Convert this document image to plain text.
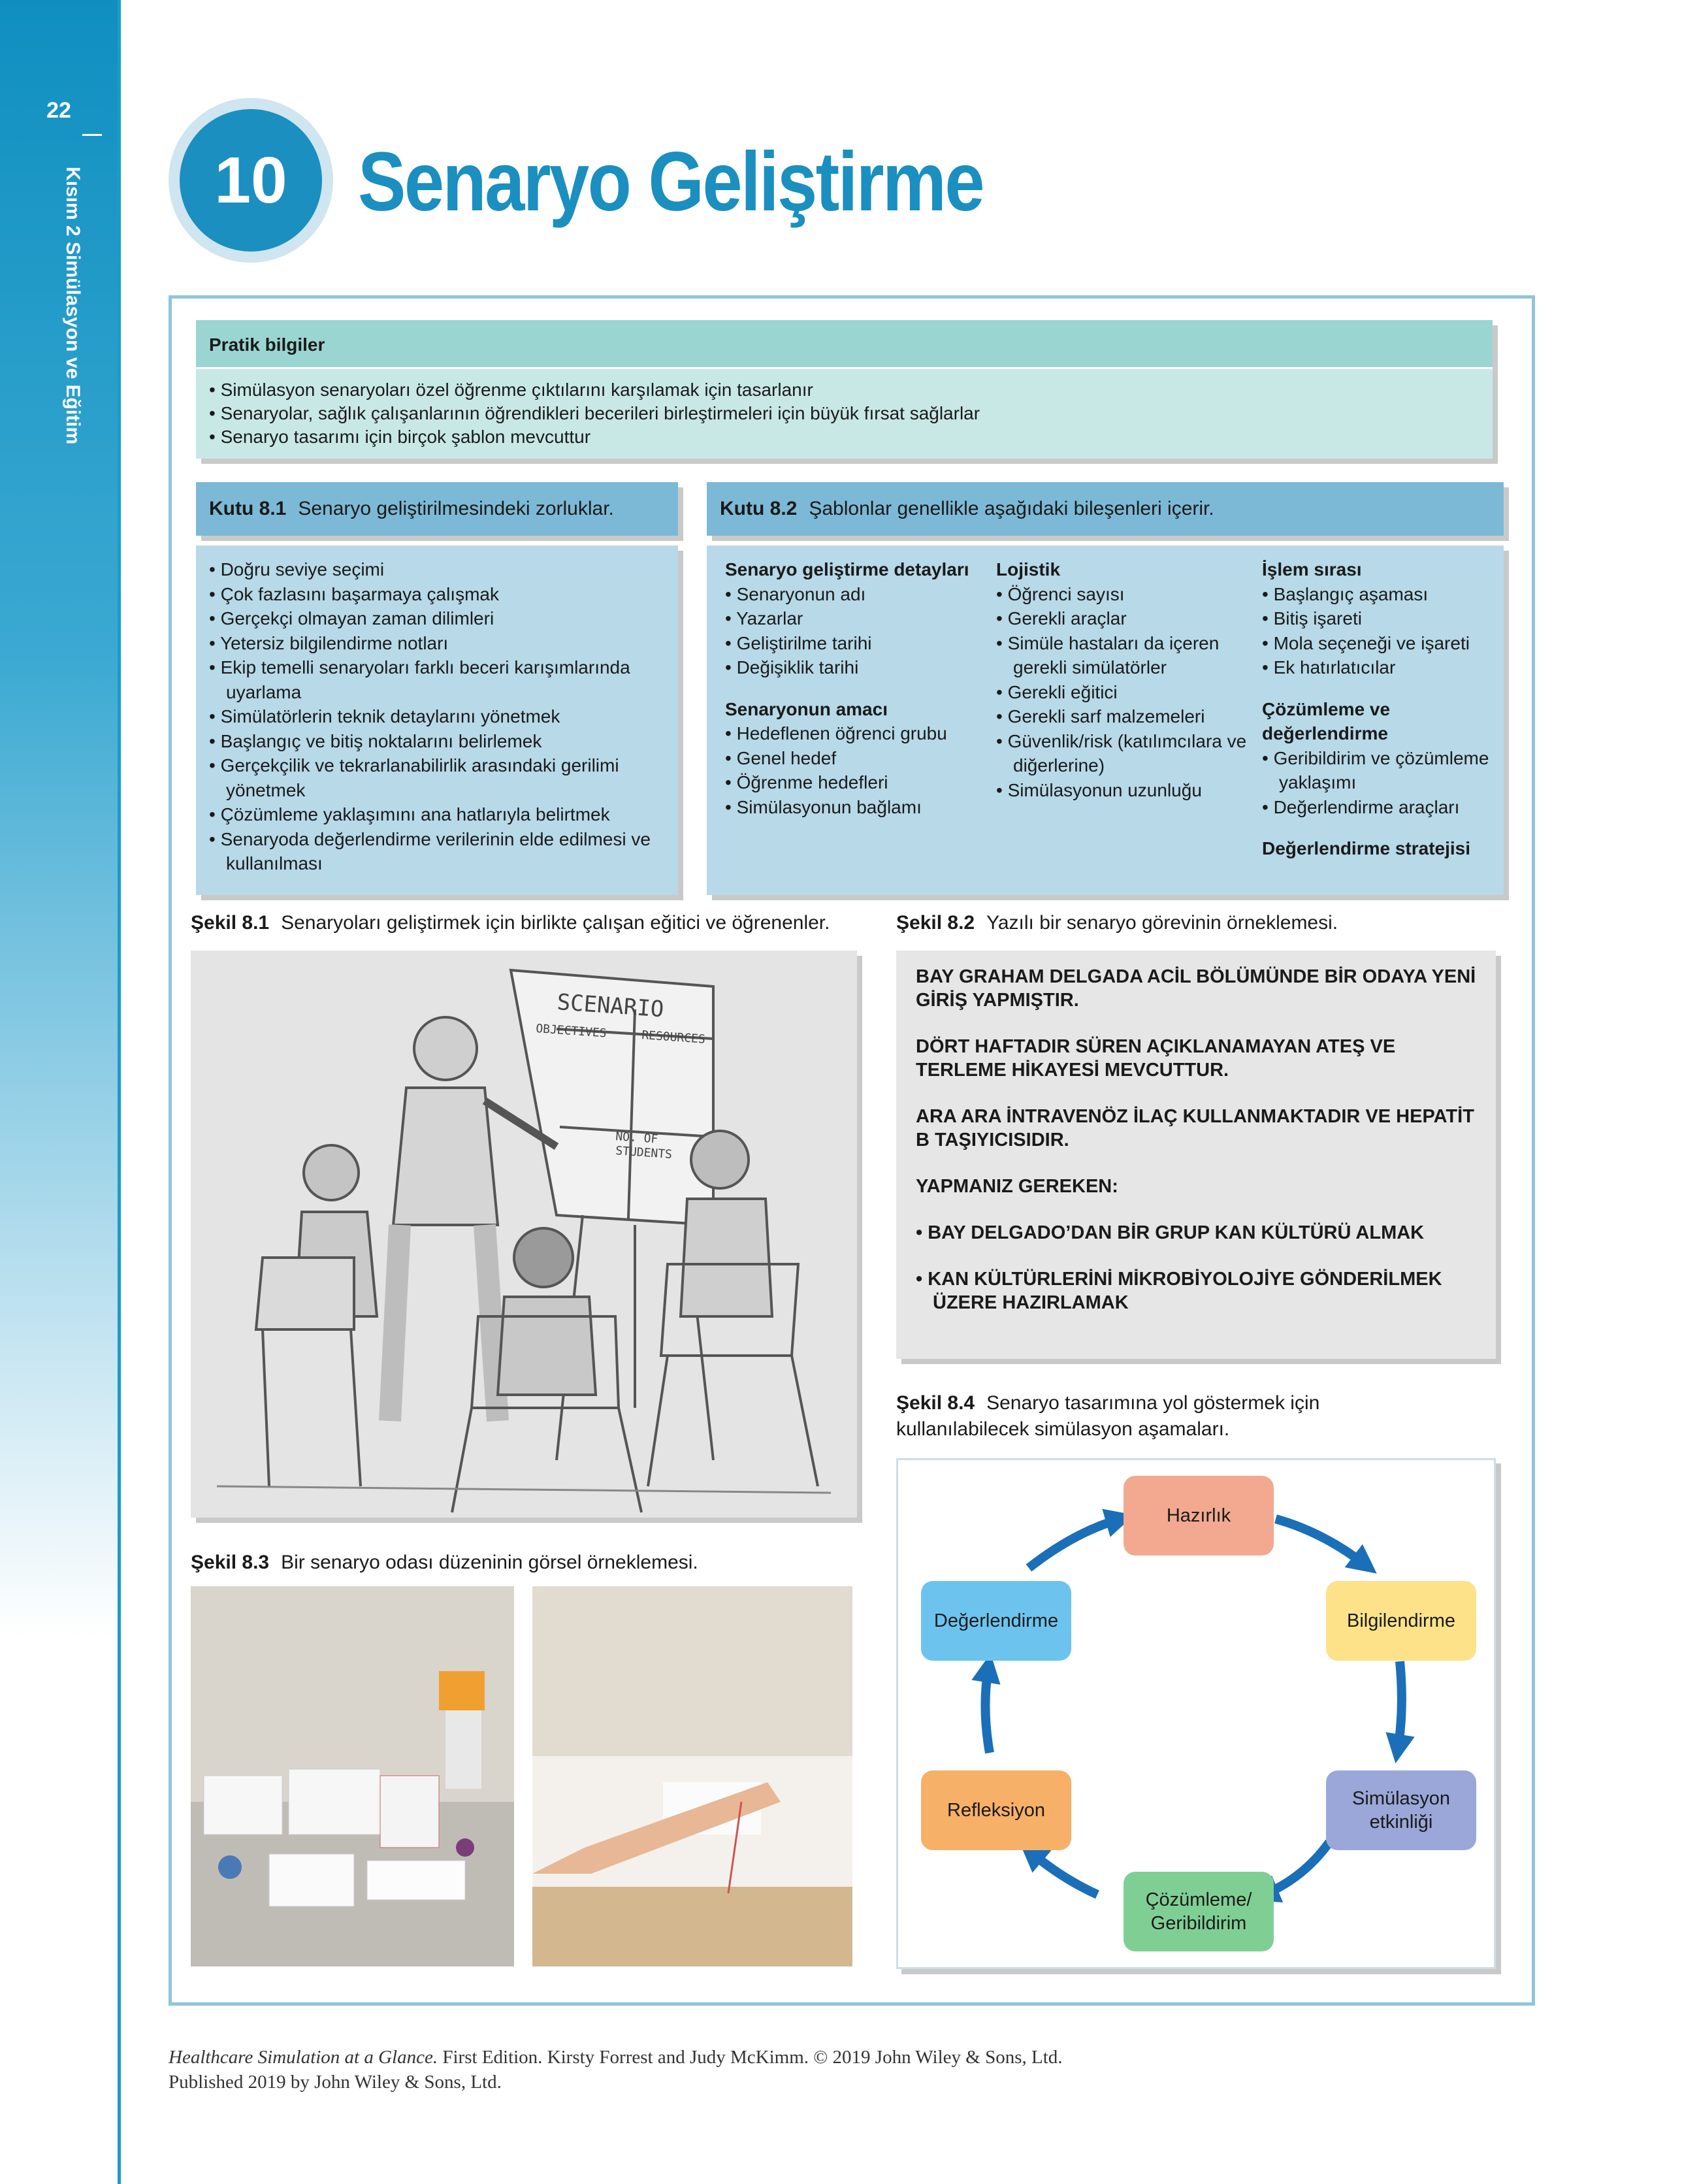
22
Kısım 2 Simülasyon ve Eğitim	10 Senaryo Geliştirme
Pratik bilgiler
• Simülasyon senaryoları özel öğrenme çıktılarını karşılamak için tasarlanır
• Senaryolar, sağlık çalışanlarının öğrendikleri becerileri birleştirmeleri için büyük fırsat sağlarlar
• Senaryo tasarımı için birçok şablon mevcuttur
Kutu 8.1 Senaryo geliştirilmesindeki zorluklar.
• Doğru seviye seçimi
• Çok fazlasını başarmaya çalışmak
• Gerçekçi olmayan zaman dilimleri
• Yetersiz bilgilendirme notları
• Ekip temelli senaryoları farklı beceri karışımlarında uyarlama
• Simülatörlerin teknik detaylarını yönetmek
• Başlangıç ve bitiş noktalarını belirlemek
• Gerçekçilik ve tekrarlanabilirlik arasındaki gerilimi yönetmek
• Çözümleme yaklaşımını ana hatlarıyla belirtmek
• Senaryoda değerlendirme verilerinin elde edilmesi ve kullanılması
Kutu 8.2 Şablonlar genellikle aşağıdaki bileşenleri içerir.
Senaryo geliştirme detayları
• Senaryonun adı
• Yazarlar
• Geliştirilme tarihi
• Değişiklik tarihi
Senaryonun amacı
• Hedeflenen öğrenci grubu
• Genel hedef
• Öğrenme hedefleri
• Simülasyonun bağlamı
Lojistik
• Öğrenci sayısı
• Gerekli araçlar
• Simüle hastaları da içeren gerekli simülatörler
• Gerekli eğitici
• Gerekli sarf malzemeleri
• Güvenlik/risk (katılımcılara ve diğerlerine)
• Simülasyonun uzunluğu
İşlem sırası
• Başlangıç aşaması
• Bitiş işareti
• Mola seçeneği ve işareti
• Ek hatırlatıcılar
Çözümleme ve değerlendirme
• Geribildirim ve çözümleme yaklaşımı
• Değerlendirme araçları
Değerlendirme stratejisi
Şekil 8.1 Senaryoları geliştirmek için birlikte çalışan eğitici ve öğrenenler.	Şekil 8.2 Yazılı bir senaryo görevinin örneklemesi.
Şekil 8.3 Bir senaryo odası düzeninin görsel örneklemesi.
Şekil 8.4 Senaryo tasarımına yol göstermek için kullanılabilecek simülasyon aşamaları.
SCENARIO
OBJECTIVES	RESOURCES
NO. OF
STUDENTS

BAY GRAHAM DELGADA ACİL BÖLÜMÜNDE BİR ODAYA YENİ GİRİŞ YAPMIŞTIR.

DÖRT HAFTADIR SÜREN AÇIKLANAMAYAN ATEŞ VE TERLEME HİKAYESİ MEVCUTTUR.

ARA ARA İNTRAVENÖZ İLAÇ KULLANMAKTADIR VE HEPATİT B TAŞIYICISIDIR.

YAPMANIZ GEREKEN:

• BAY DELGADO’DAN BİR GRUP KAN KÜLTÜRÜ ALMAK

• KAN KÜLTÜRLERİNİ MİKROBİYOLOJİYE GÖNDERİLMEK ÜZERE HAZIRLAMAK

Hazırlık
Bilgilendirme
Simülasyon etkinliği
Çözümleme/ Geribildirim
Refleksiyon
Değerlendirme
Healthcare Simulation at a Glance. First Edition. Kirsty Forrest and Judy McKimm. © 2019 John Wiley & Sons, Ltd.
Published 2019 by John Wiley & Sons, Ltd.
